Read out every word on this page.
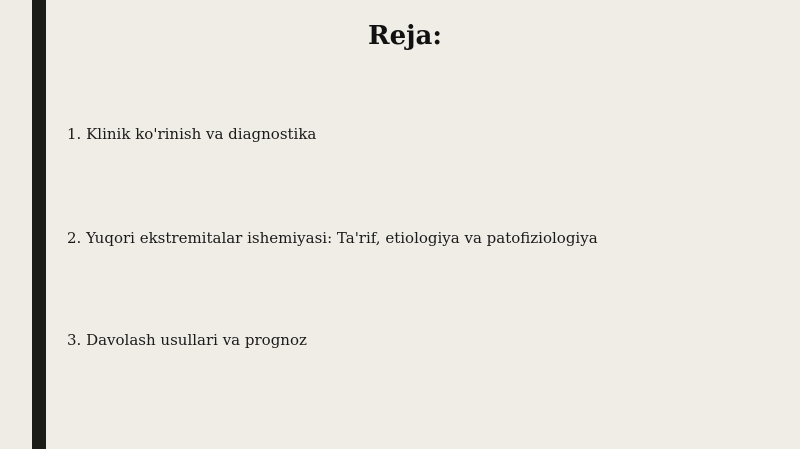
Reja:
1. Klinik ko'rinish va diagnostika
2. Yuqori ekstremitalar ishemiyasi: Ta'rif, etiologiya va patofiziologiya
3. Davolash usullari va prognoz
